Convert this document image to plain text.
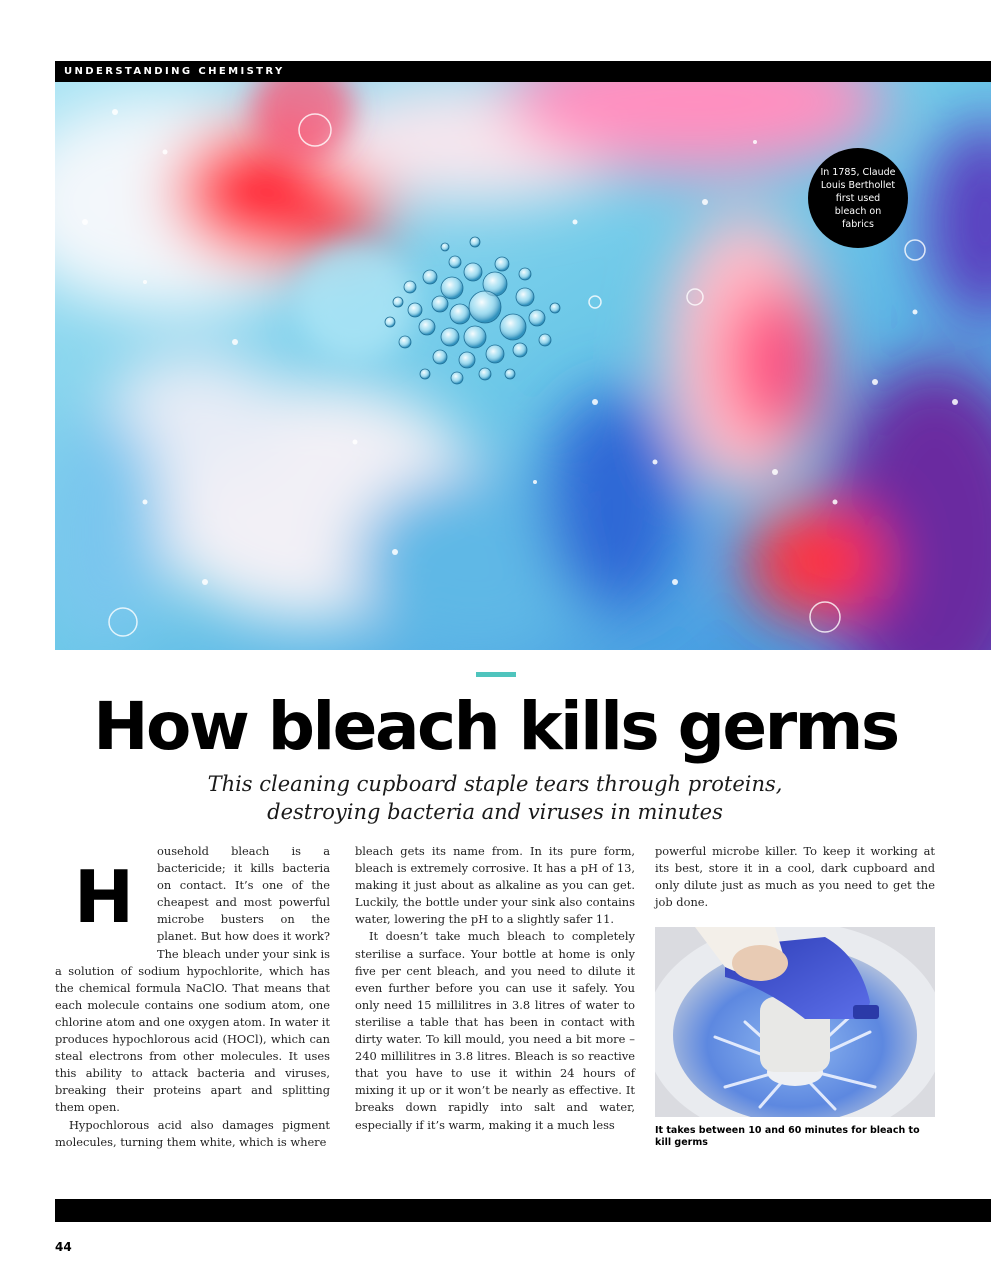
UNDERSTANDING CHEMISTRY
In 1785, Claude Louis Berthollet first used bleach on fabrics
How bleach kills germs

This cleaning cupboard staple tears through proteins,
destroying bacteria and viruses in minutes

H

ousehold bleach is a bactericide; it kills bacteria on contact. It’s one of the cheapest and most powerful microbe busters on the planet. But how does it work? The bleach under your sink is a solution of sodium hypochlorite, which has the chemical formula NaClO. That means that each molecule contains one sodium atom, one chlorine atom and one oxygen atom. In water it produces hypochlorous acid (HOCl), which can steal electrons from other molecules. It uses this ability to attack bacteria and viruses, breaking their proteins apart and splitting them open.

Hypochlorous acid also damages pigment molecules, turning them white, which is where

bleach gets its name from. In its pure form, bleach is extremely corrosive. It has a pH of 13, making it just about as alkaline as you can get. Luckily, the bottle under your sink also contains water, lowering the pH to a slightly safer 11.

It doesn’t take much bleach to completely sterilise a surface. Your bottle at home is only five per cent bleach, and you need to dilute it even further before you can use it safely. You only need 15 millilitres in 3.8 litres of water to sterilise a table that has been in contact with dirty water. To kill mould, you need a bit more – 240 millilitres in 3.8 litres. Bleach is so reactive that you have to use it within 24 hours of mixing it up or it won’t be nearly as effective. It breaks down rapidly into salt and water, especially if it’s warm, making it a much less

powerful microbe killer. To keep it working at its best, store it in a cool, dark cupboard and only dilute just as much as you need to get the job done.

It takes between 10 and 60 minutes for bleach to kill germs
44
